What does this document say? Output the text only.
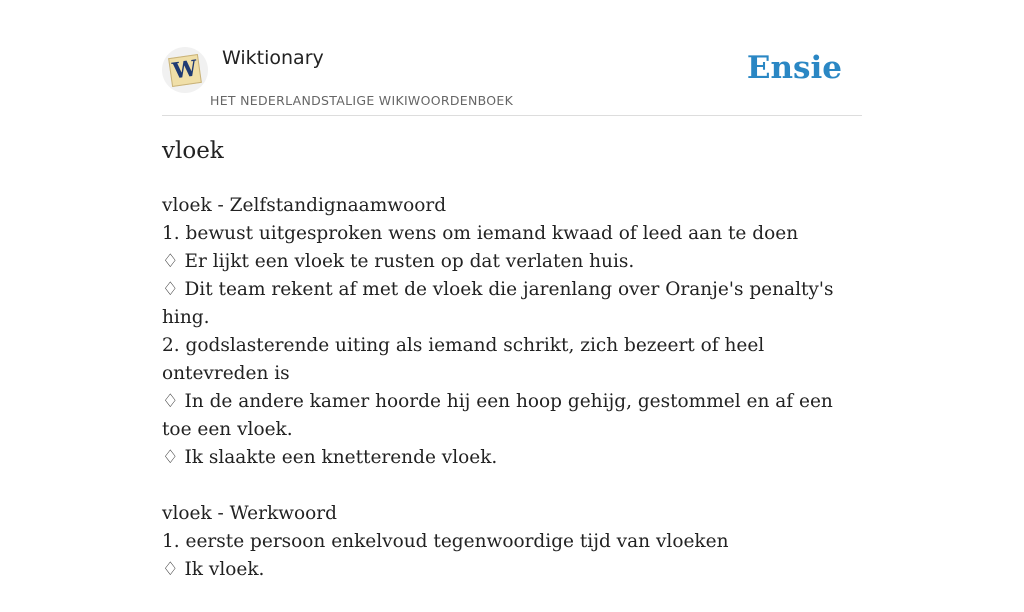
W Wiktionary
HET NEDERLANDSTALIGE WIKIWOORDENBOEK
Ensie
vloek
vloek - Zelfstandignaamwoord
1. bewust uitgesproken wens om iemand kwaad of leed aan te doen
♢ Er lijkt een vloek te rusten op dat verlaten huis.
♢ Dit team rekent af met de vloek die jarenlang over Oranje's penalty's hing.
2. godslasterende uiting als iemand schrikt, zich bezeert of heel ontevreden is
♢ In de andere kamer hoorde hij een hoop gehijg, gestommel en af een toe een vloek.
♢ Ik slaakte een knetterende vloek.
vloek - Werkwoord
1. eerste persoon enkelvoud tegenwoordige tijd van vloeken
♢ Ik vloek.
